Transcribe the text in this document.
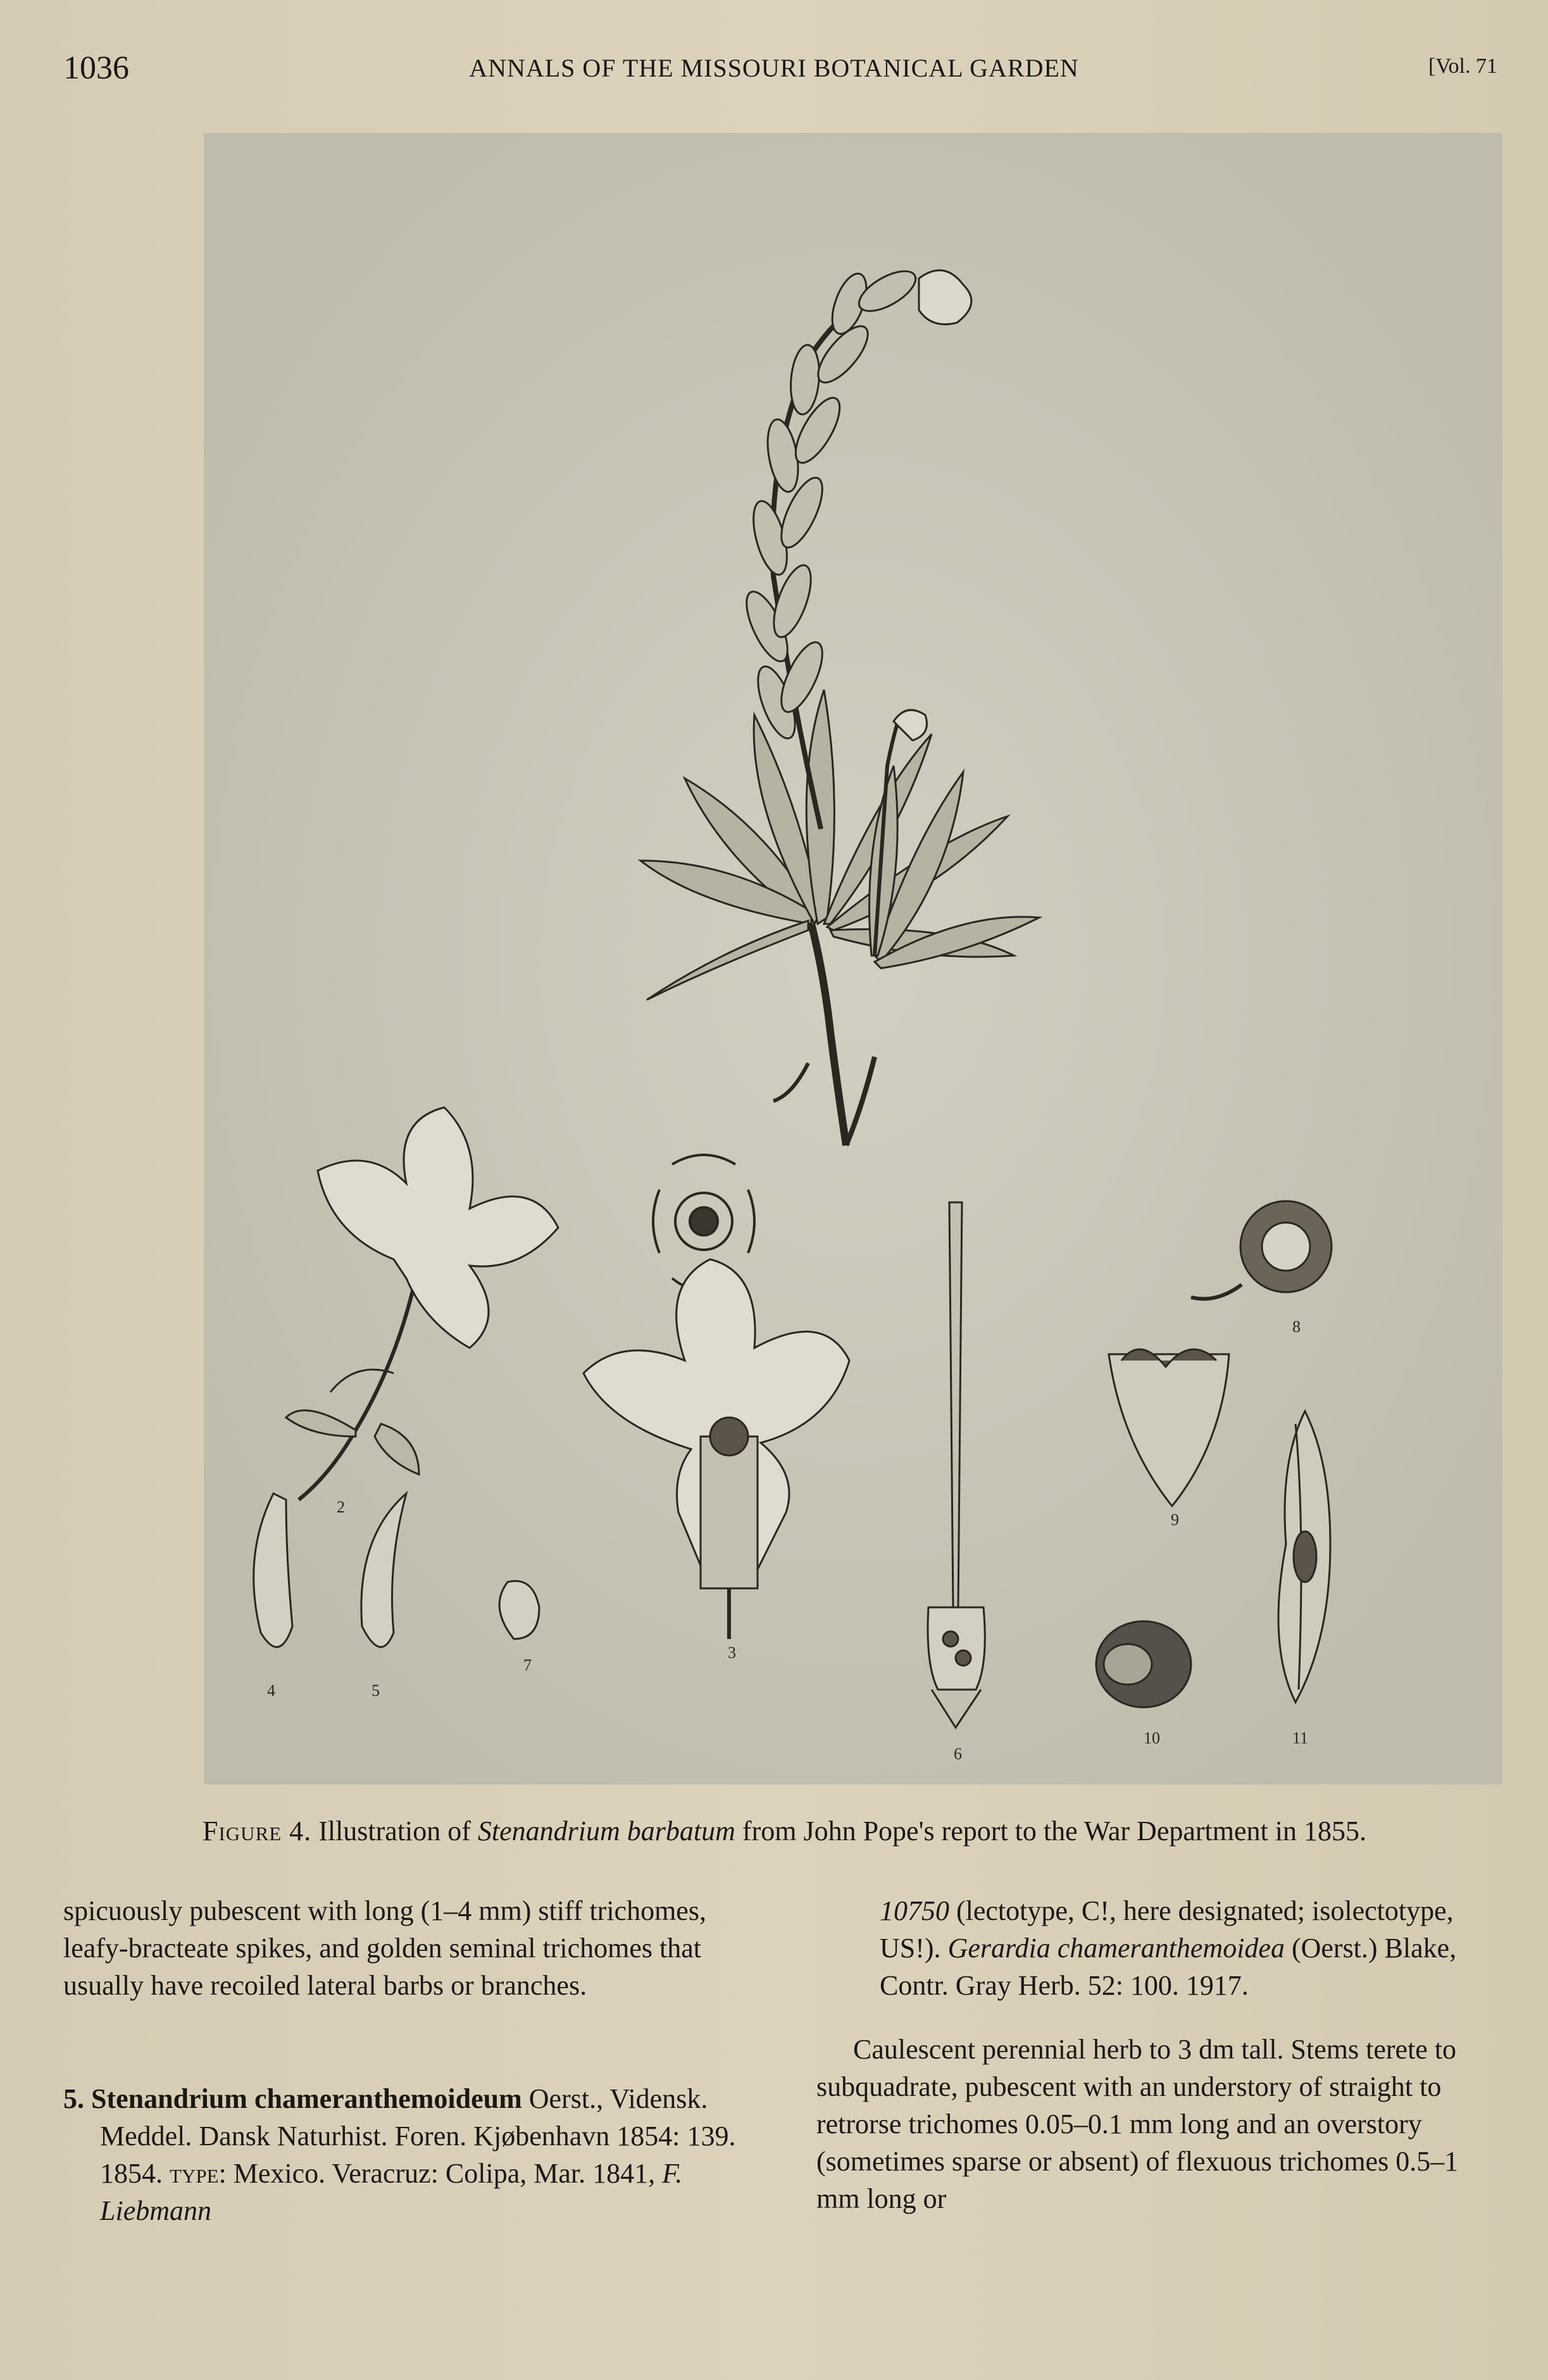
1036	ANNALS OF THE MISSOURI BOTANICAL GARDEN	[Vol. 71
2
3
4	5
7
6
8
9
10	11
Figure 4. Illustration of Stenandrium barbatum from John Pope's report to the War Department in 1855.

spicuously pubescent with long (1–4 mm) stiff trichomes, leafy-bracteate spikes, and golden seminal trichomes that usually have recoiled lateral barbs or branches.

5. Stenandrium chameranthemoideum Oerst., Vidensk. Meddel. Dansk Naturhist. Foren. Kjøbenhavn 1854: 139. 1854. type: Mexico. Veracruz: Colipa, Mar. 1841, F. Liebmann

10750 (lectotype, C!, here designated; isolectotype, US!). Gerardia chameranthemoidea (Oerst.) Blake, Contr. Gray Herb. 52: 100. 1917.

Caulescent perennial herb to 3 dm tall. Stems terete to subquadrate, pubescent with an understory of straight to retrorse trichomes 0.05–0.1 mm long and an overstory (sometimes sparse or absent) of flexuous trichomes 0.5–1 mm long or
